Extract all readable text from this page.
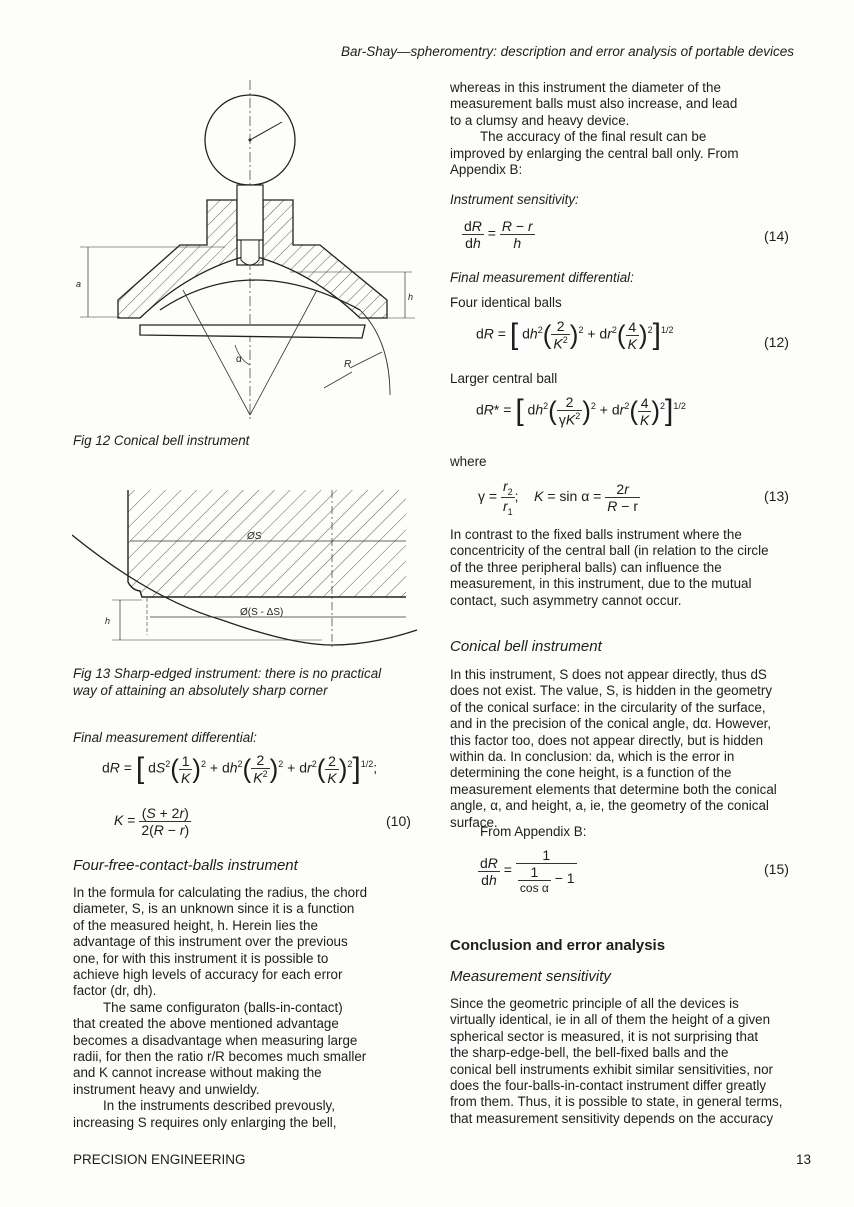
Bar-Shay—spheromentry: description and error analysis of portable devices
a
h
α	R
Fig 12 Conical bell instrument
ØS
Ø(S - ΔS)
h
Fig 13 Sharp-edged instrument: there is no practical
way of attaining an absolutely sharp corner
Final measurement differential:
dR = [ $dS^2( \frac{1}{K} )^2 + dh^2( \frac{2}{K^2} )^2 + dr^2( \frac{2}{K} )^2]^{1/2}$;
$K = \frac{(S + 2r)}{2(R - r)}$	(10)
Four-free-contact-balls instrument
In the formula for calculating the radius, the chord
diameter, S, is an unknown since it is a function
of the measured height, h. Herein lies the
advantage of this instrument over the previous
one, for with this instrument it is possible to
achieve high levels of accuracy for each error
factor (dr, dh).
The same configuraton (balls-in-contact)
that created the above mentioned advantage
becomes a disadvantage when measuring large
radii, for then the ratio r/R becomes much smaller
and K cannot increase without making the
instrument heavy and unwieldy.
In the instruments described prevously,
increasing S requires only enlarging the bell,
whereas in this instrument the diameter of the
measurement balls must also increase, and lead
to a clumsy and heavy device.
The accuracy of the final result can be
improved by enlarging the central ball only. From
Appendix B:
Instrument sensitivity:
$\frac{dR}{dh} = \frac{R - r}{h}$	(14)
Final measurement differential:
Four identical balls
dR = [ $dh^2( \frac{2}{K^2} )^2 + dr^2( \frac{4}{K} )^2]^{1/2}$
(12)
Larger central ball
dR* = [ $dh^2( \frac{2}{\gamma K^2} )^2 + dr^2( \frac{4}{K} )^2]^{1/2}$
where
$\gamma = \frac{r_2}{r_1}$ ;    $K = \sin \alpha = \frac{2r}{R - r}$	(13)
In contrast to the fixed balls instrument where the
concentricity of the central ball (in relation to the circle
of the three peripheral balls) can influence the
measurement, in this instrument, due to the mutual
contact, such asymmetry cannot occur.
Conical bell instrument
In this instrument, S does not appear directly, thus dS
does not exist. The value, S, is hidden in the geometry
of the conical surface: in the circularity of the surface,
and in the precision of the conical angle, dα. However,
this factor too, does not appear directly, but is hidden
within da. In conclusion: da, which is the error in
determining the cone height, is a function of the
measurement elements that determine both the conical
angle, α, and height, a, ie, the geometry of the conical
surface.
From Appendix B:
$\frac{dR}{dh} = \frac{1}{\frac{1}{\text{cos α}} - 1}$	(15)
Conclusion and error analysis
Measurement sensitivity
Since the geometric principle of all the devices is
virtually identical, ie in all of them the height of a given
spherical sector is measured, it is not surprising that
the sharp-edge-bell, the bell-fixed balls and the
conical bell instruments exhibit similar sensitivities, nor
does the four-balls-in-contact instrument differ greatly
from them. Thus, it is possible to state, in general terms,
that measurement sensitivity depends on the accuracy
PRECISION ENGINEERING	13
